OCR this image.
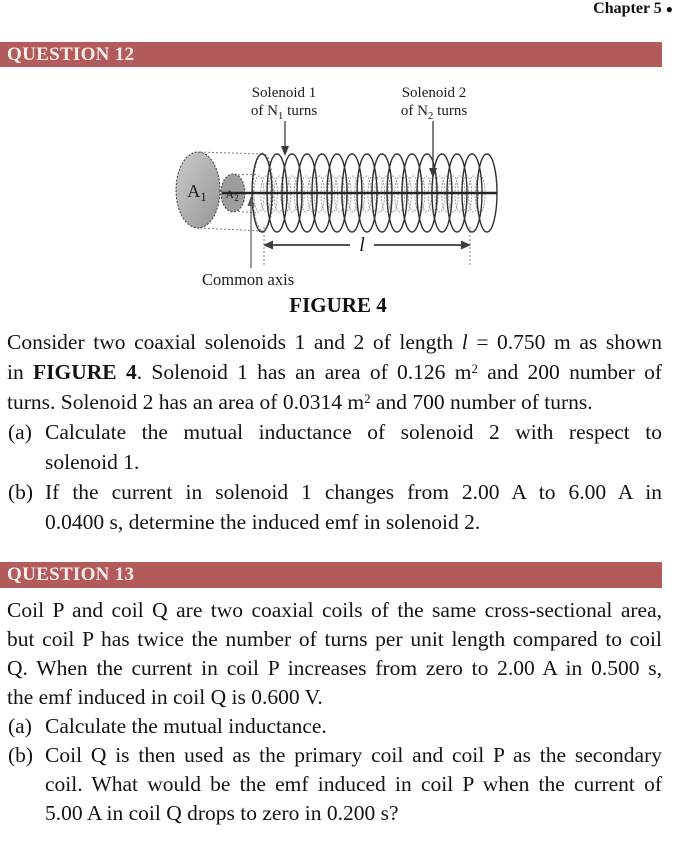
Chapter 5 ●
QUESTION 12
Solenoid 1
of $N_1$ turns
Solenoid 2
of $N_2$ turns
$A_1$ $A_2$
l
Common axis
FIGURE 4
Consider two coaxial solenoids 1 and 2 of length l = 0.750 m as shown
in FIGURE 4. Solenoid 1 has an area of 0.126 $m^2$ and 200 number of
turns. Solenoid 2 has an area of 0.0314 $m^2$ and 700 number of turns.
(a) Calculate the mutual inductance of solenoid 2 with respect to
solenoid 1.
(b) If the current in solenoid 1 changes from 2.00 A to 6.00 A in
0.0400 s, determine the induced emf in solenoid 2.
QUESTION 13
Coil P and coil Q are two coaxial coils of the same cross-sectional area,
but coil P has twice the number of turns per unit length compared to coil
Q. When the current in coil P increases from zero to 2.00 A in 0.500 s,
the emf induced in coil Q is 0.600 V.
(a) Calculate the mutual inductance.
(b) Coil Q is then used as the primary coil and coil P as the secondary
coil. What would be the emf induced in coil P when the current of
5.00 A in coil Q drops to zero in 0.200 s?
